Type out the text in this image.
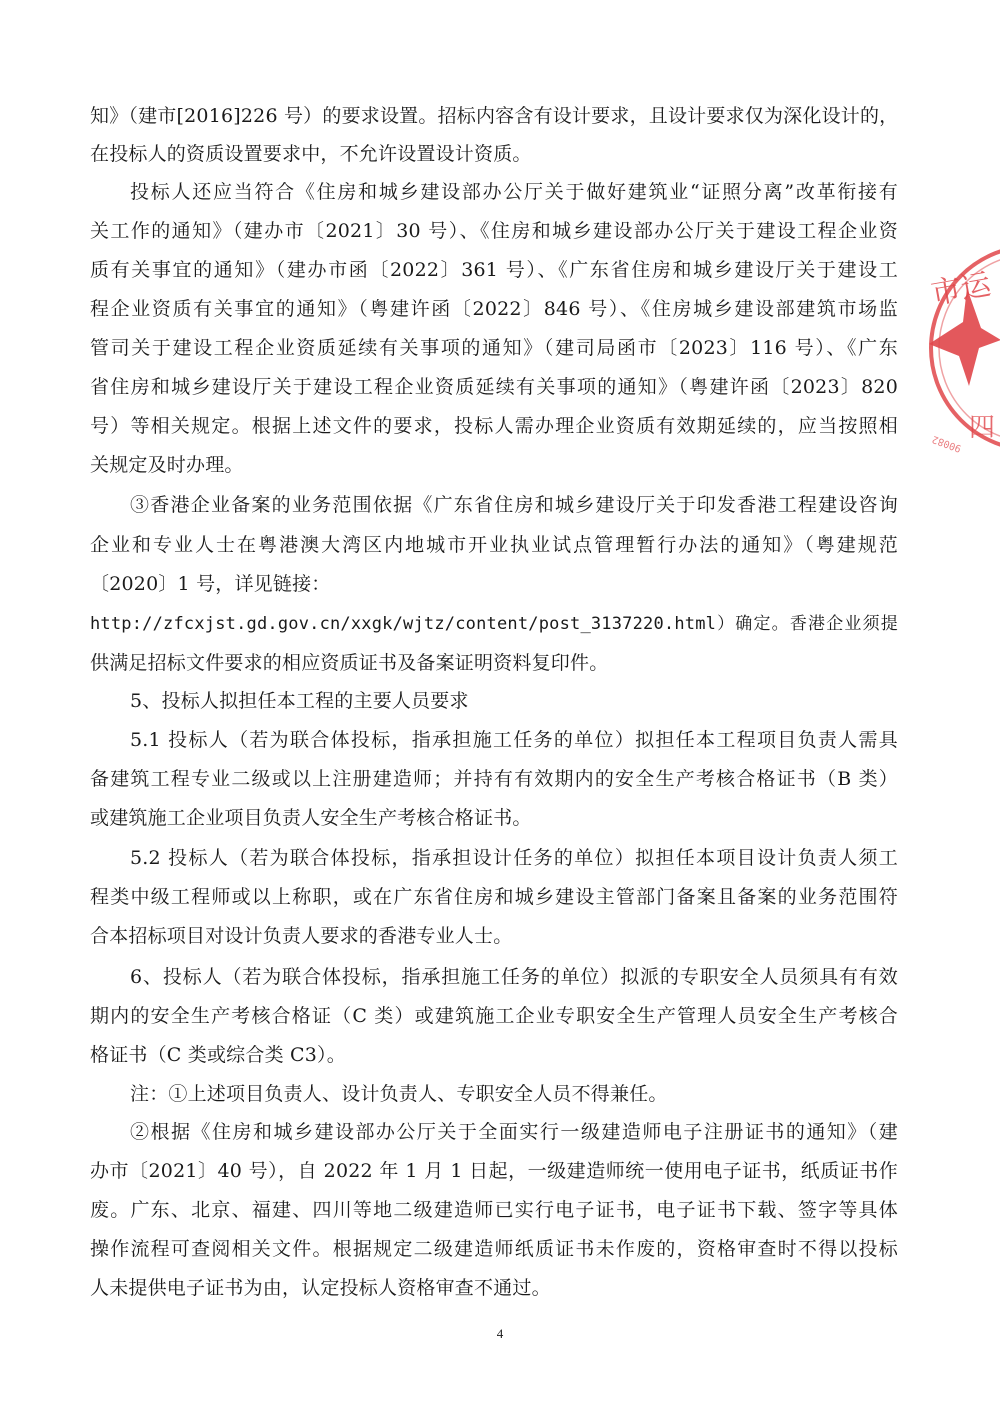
知》（建市[2016]226 号）的要求设置。招标内容含有设计要求，且设计要求仅为深化设计的，
在投标人的资质设置要求中，不允许设置设计资质。
投标人还应当符合《住房和城乡建设部办公厅关于做好建筑业“证照分离”改革衔接有
关工作的通知》（建办市〔2021〕30 号）、《住房和城乡建设部办公厅关于建设工程企业资
质有关事宜的通知》（建办市函〔2022〕361 号）、《广东省住房和城乡建设厅关于建设工
程企业资质有关事宜的通知》（粤建许函〔2022〕846 号）、《住房城乡建设部建筑市场监
管司关于建设工程企业资质延续有关事项的通知》（建司局函市〔2023〕116 号）、《广东
省住房和城乡建设厅关于建设工程企业资质延续有关事项的通知》（粤建许函〔2023〕820
号）等相关规定。根据上述文件的要求，投标人需办理企业资质有效期延续的，应当按照相
关规定及时办理。
③香港企业备案的业务范围依据《广东省住房和城乡建设厅关于印发香港工程建设咨询
企业和专业人士在粤港澳大湾区内地城市开业执业试点管理暂行办法的通知》（粤建规范
〔2020〕1 号，详见链接：
http://zfcxjst.gd.gov.cn/xxgk/wjtz/content/post_3137220.html）确定。香港企业须提
供满足招标文件要求的相应资质证书及备案证明资料复印件。
5、投标人拟担任本工程的主要人员要求
5.1 投标人（若为联合体投标，指承担施工任务的单位）拟担任本工程项目负责人需具
备建筑工程专业二级或以上注册建造师；并持有有效期内的安全生产考核合格证书（B 类）
或建筑施工企业项目负责人安全生产考核合格证书。
5.2 投标人（若为联合体投标，指承担设计任务的单位）拟担任本项目设计负责人须工
程类中级工程师或以上称职，或在广东省住房和城乡建设主管部门备案且备案的业务范围符
合本招标项目对设计负责人要求的香港专业人士。
6、投标人（若为联合体投标，指承担施工任务的单位）拟派的专职安全人员须具有有效
期内的安全生产考核合格证（C 类）或建筑施工企业专职安全生产管理人员安全生产考核合
格证书（C 类或综合类 C3）。
注：①上述项目负责人、设计负责人、专职安全人员不得兼任。
②根据《住房和城乡建设部办公厅关于全面实行一级建造师电子注册证书的通知》（建
办市〔2021〕40 号），自 2022 年 1 月 1 日起，一级建造师统一使用电子证书，纸质证书作
废。广东、北京、福建、四川等地二级建造师已实行电子证书，电子证书下载、签字等具体
操作流程可查阅相关文件。根据规定二级建造师纸质证书未作废的，资格审查时不得以投标
人未提供电子证书为由，认定投标人资格审查不通过。
4
市运
四
90082
